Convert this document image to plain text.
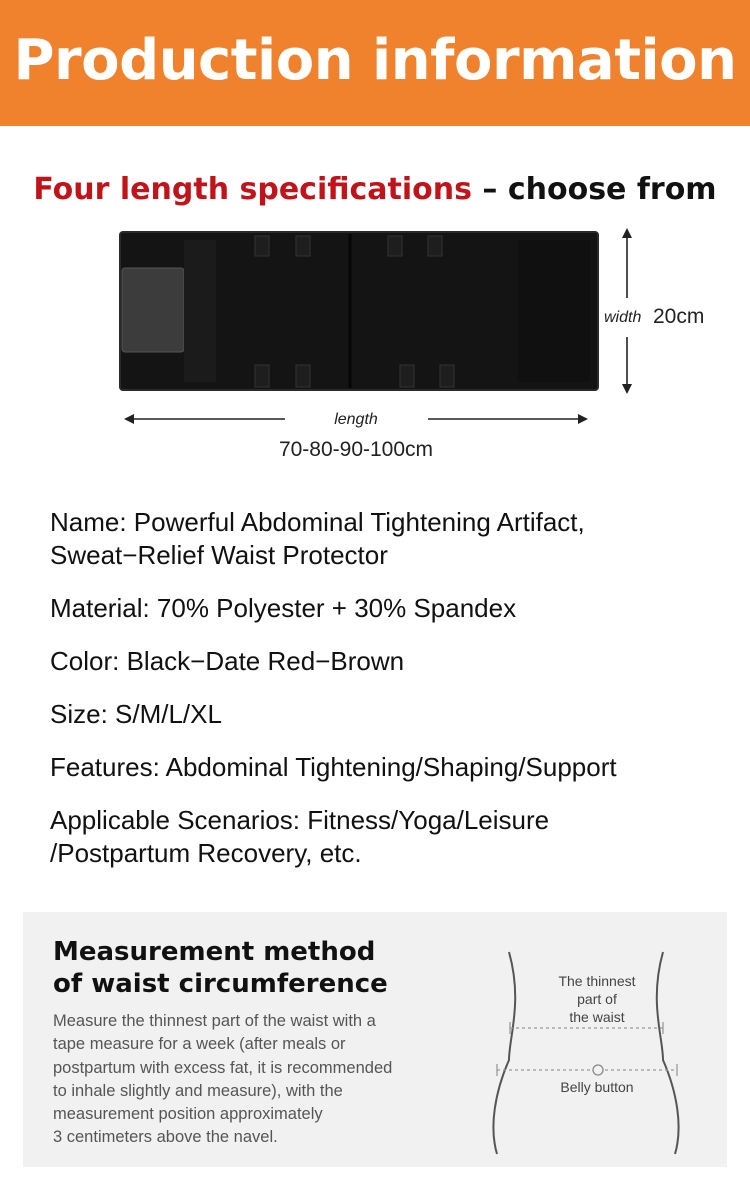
Production information
Four length specifications – choose from
width 20cm
length
70-80-90-100cm
Name: Powerful Abdominal Tightening Artifact,
Sweat−Relief Waist Protector
Material: 70% Polyester + 30% Spandex
Color: Black−Date Red−Brown
Size: S/M/L/XL
Features: Abdominal Tightening/Shaping/Support
Applicable Scenarios: Fitness/Yoga/Leisure
/Postpartum Recovery, etc.
Measurement method
of waist circumference
Measure the thinnest part of the waist with a
tape measure for a week (after meals or
postpartum with excess fat, it is recommended
to inhale slightly and measure), with the
measurement position approximately
3 centimeters above the navel.
The thinnest
part of
the waist
Belly button
